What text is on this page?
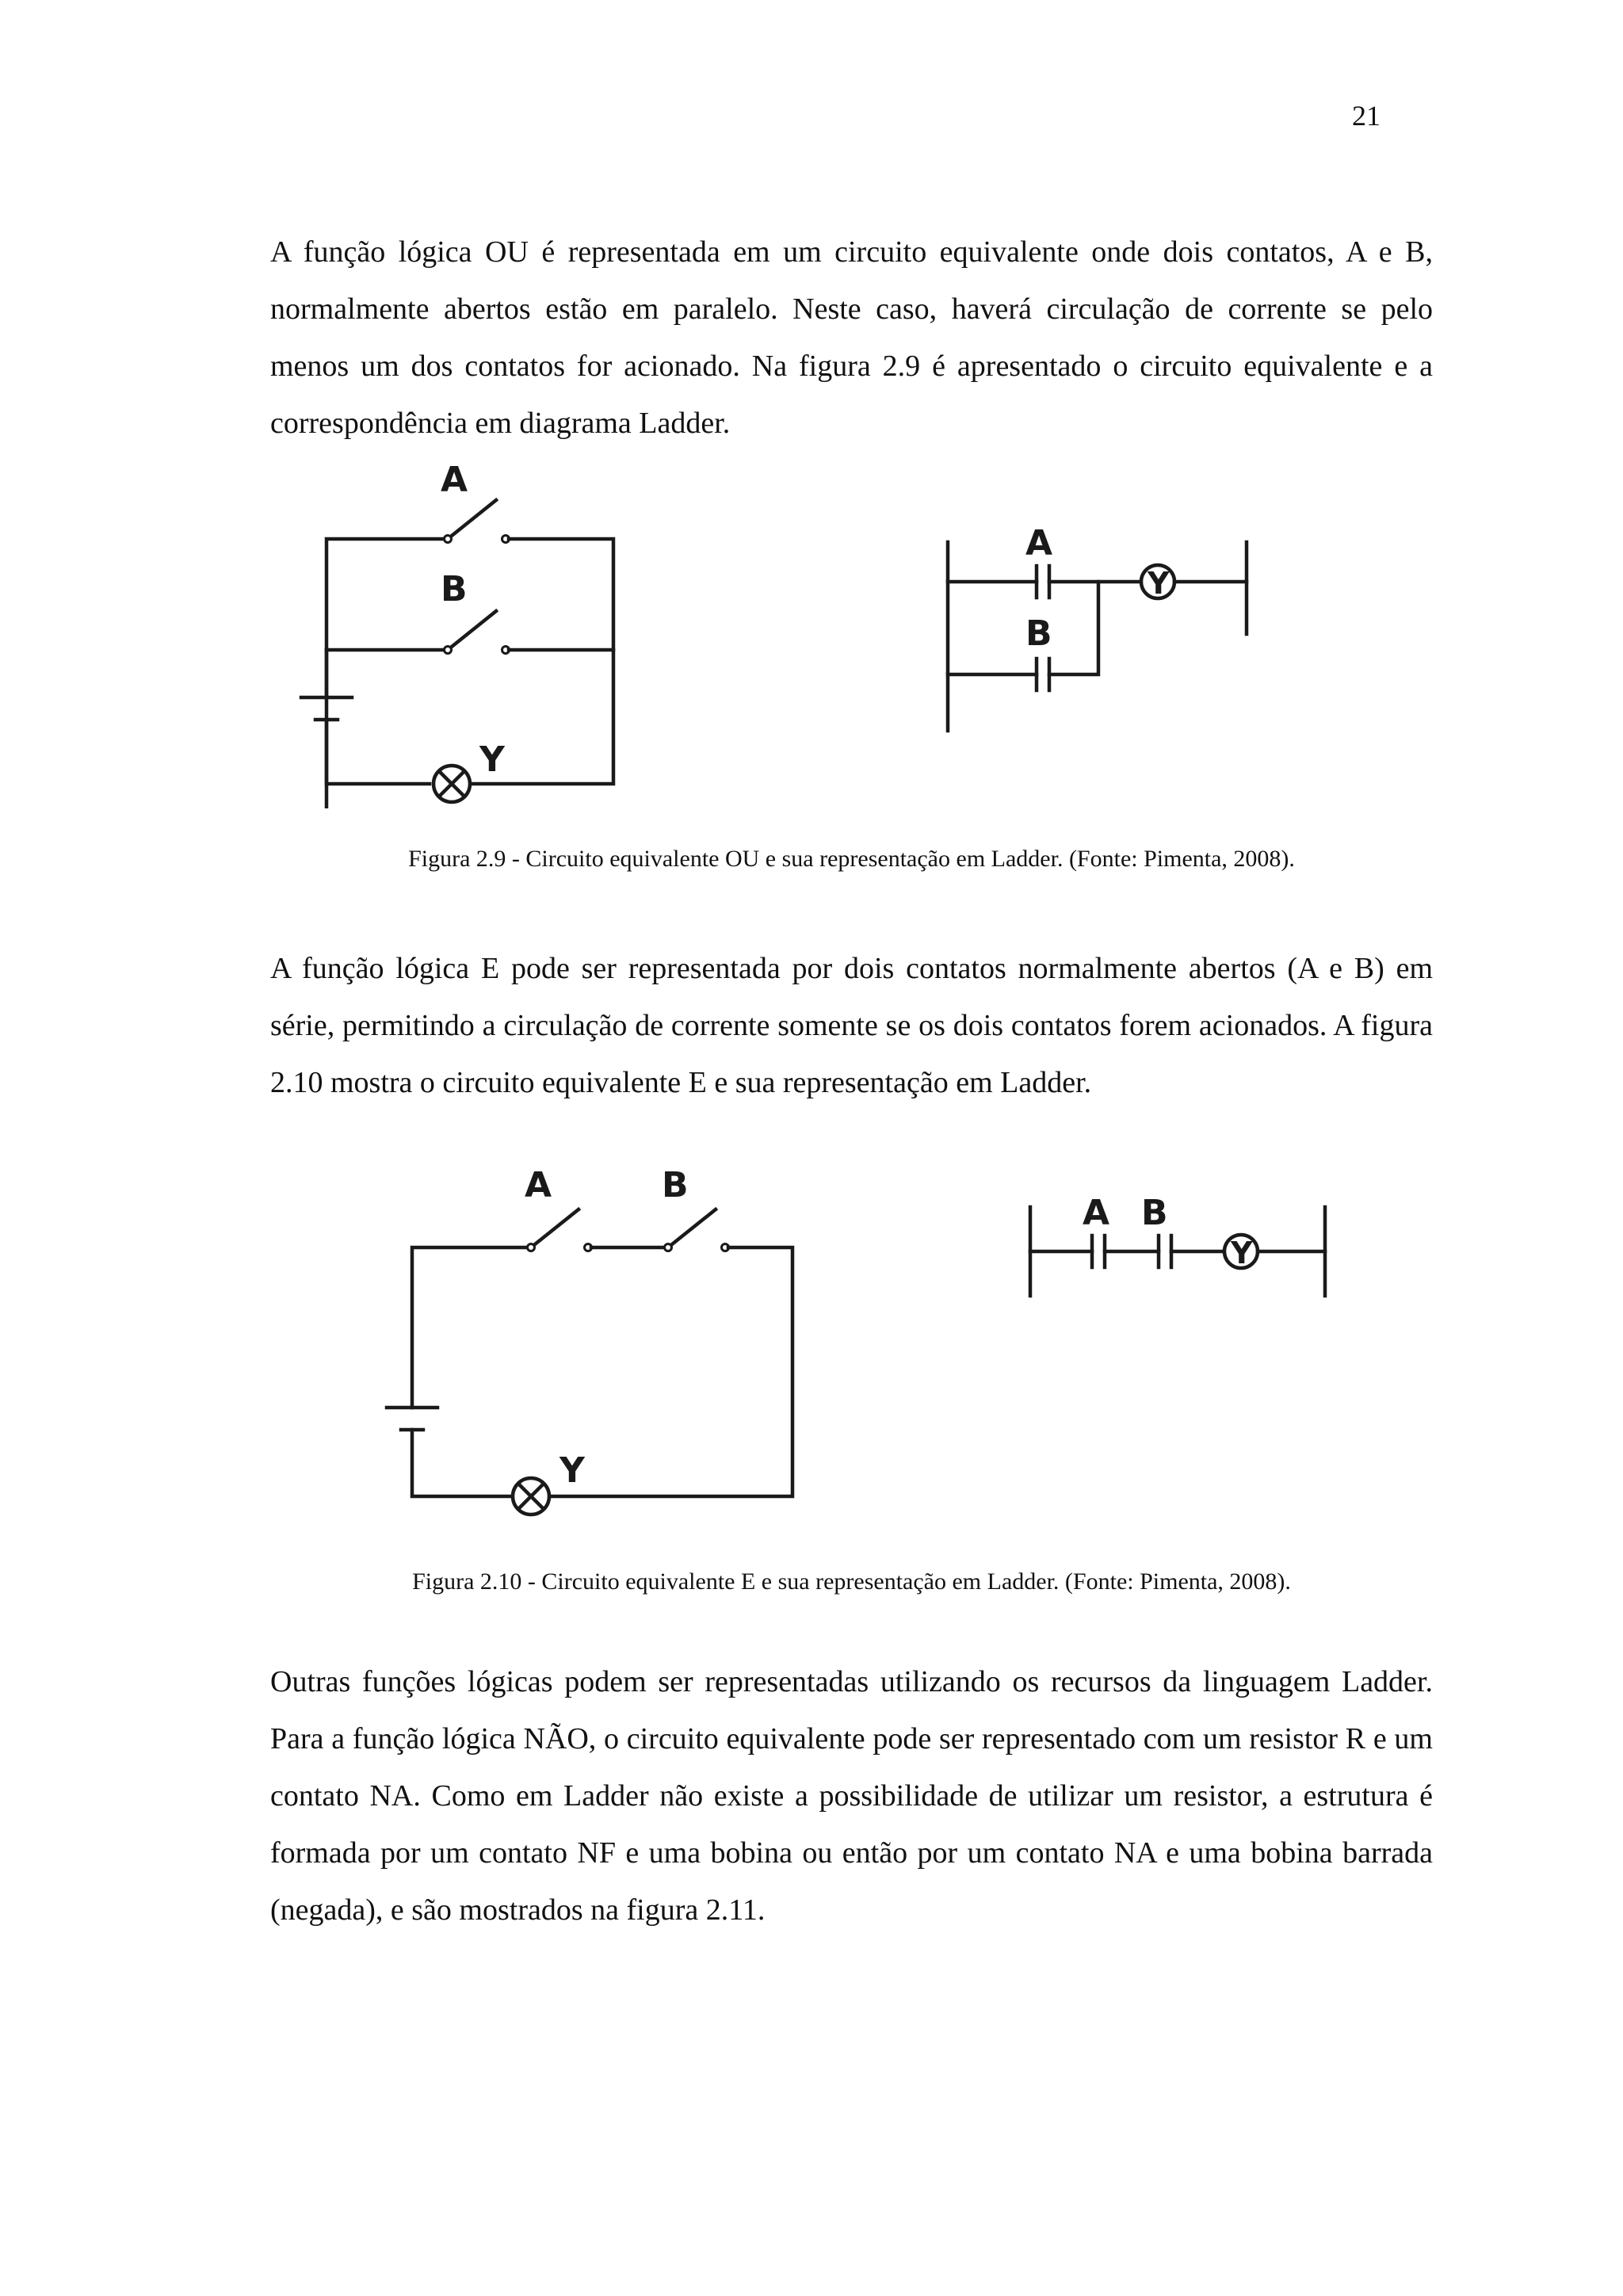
21

A função lógica OU é representada em um circuito equivalente onde dois contatos, A e B, normalmente abertos estão em paralelo. Neste caso, haverá circulação de corrente se pelo menos um dos contatos for acionado. Na figura 2.9 é apresentado o circuito equivalente e a correspondência em diagrama Ladder.

A
B
Y
A
Y
B

Figura 2.9 - Circuito equivalente OU e sua representação em Ladder. (Fonte: Pimenta, 2008).

A função lógica E pode ser representada por dois contatos normalmente abertos (A e B) em série, permitindo a circulação de corrente somente se os dois contatos forem acionados. A figura 2.10 mostra o circuito equivalente E e sua representação em Ladder.

A	B
Y
A B
Y

Figura 2.10 - Circuito equivalente E e sua representação em Ladder. (Fonte: Pimenta, 2008).

Outras funções lógicas podem ser representadas utilizando os recursos da linguagem Ladder. Para a função lógica NÃO, o circuito equivalente pode ser representado com um resistor R e um contato NA. Como em Ladder não existe a possibilidade de utilizar um resistor, a estrutura é formada por um contato NF e uma bobina ou então por um contato NA e uma bobina barrada (negada), e são mostrados na figura 2.11.
